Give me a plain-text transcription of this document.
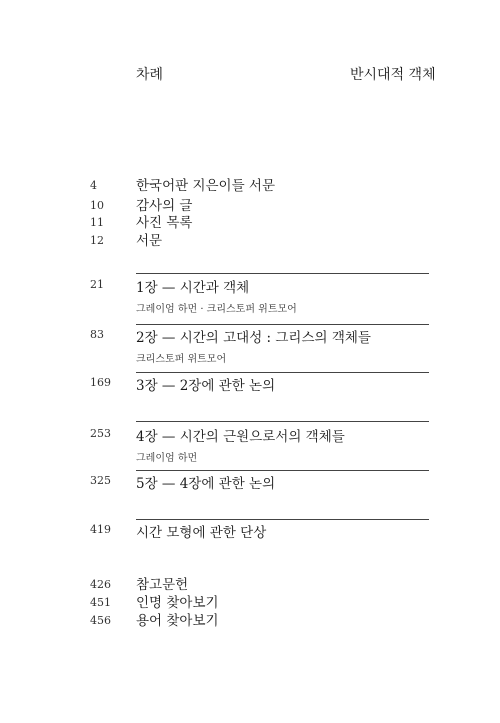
차례	반시대적 객체
4	한국어판 지은이들 서문
10 감사의 글
11 사진 목록
12 서문
21 1장 — 시간과 객체
그레이엄 하먼 · 크리스토퍼 위트모어
83 2장 — 시간의 고대성 : 그리스의 객체들
크리스토퍼 위트모어
169 3장 — 2장에 관한 논의
253 4장 — 시간의 근원으로서의 객체들
그레이엄 하먼
325 5장 — 4장에 관한 논의
419 시간 모형에 관한 단상
426 참고문헌
451 인명 찾아보기
456 용어 찾아보기
